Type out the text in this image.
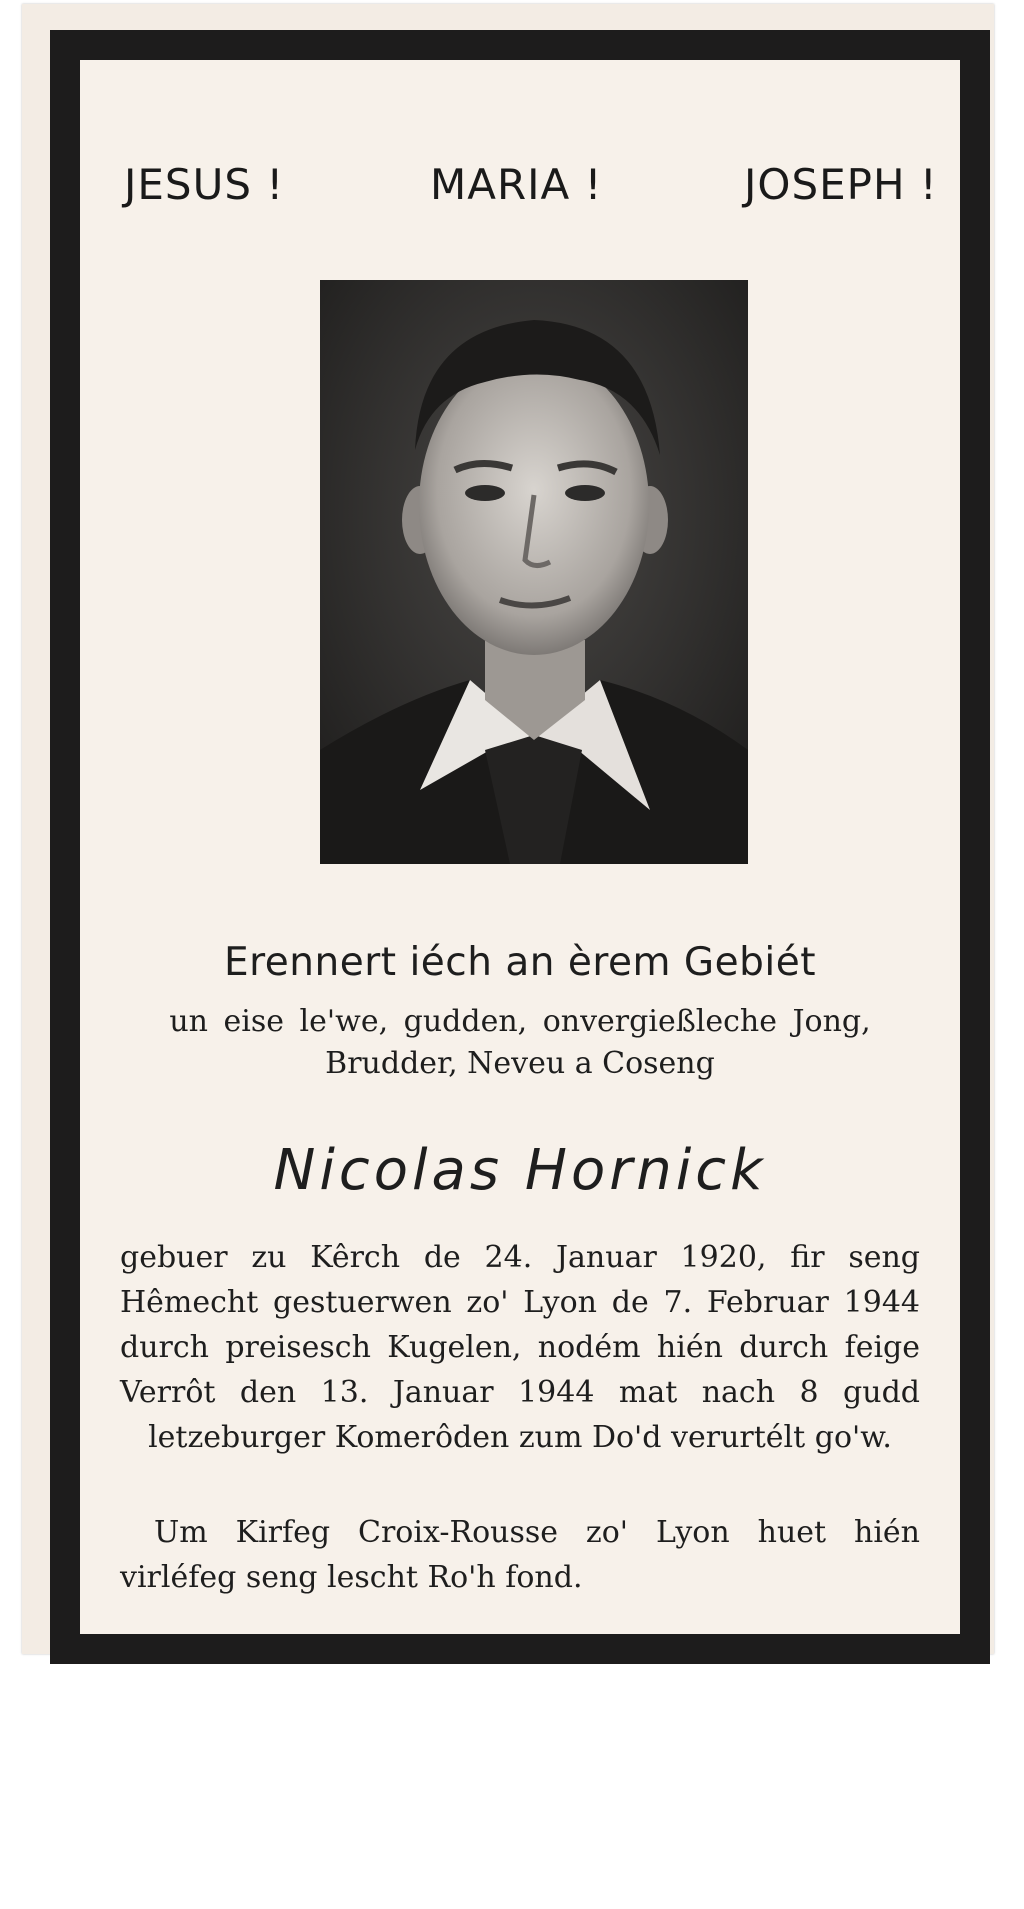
JESUS !	MARIA !	JOSEPH !
Erennert iéch an èrem Gebiét
un eise le'we, gudden, onvergießleche Jong,
Brudder, Neveu a Coseng
Nicolas Hornick
gebuer zu Kêrch de 24. Januar 1920, fir seng Hêmecht gestuerwen zo' Lyon de 7. Februar 1944 durch preisesch Kugelen, nodém hién durch feige Verrôt den 13. Januar 1944 mat nach 8 gudd letzeburger Komerôden zum Do'd verurtélt go'w.
Um Kirfeg Croix-Rousse zo' Lyon huet hién virléfeg seng lescht Ro'h fond.
